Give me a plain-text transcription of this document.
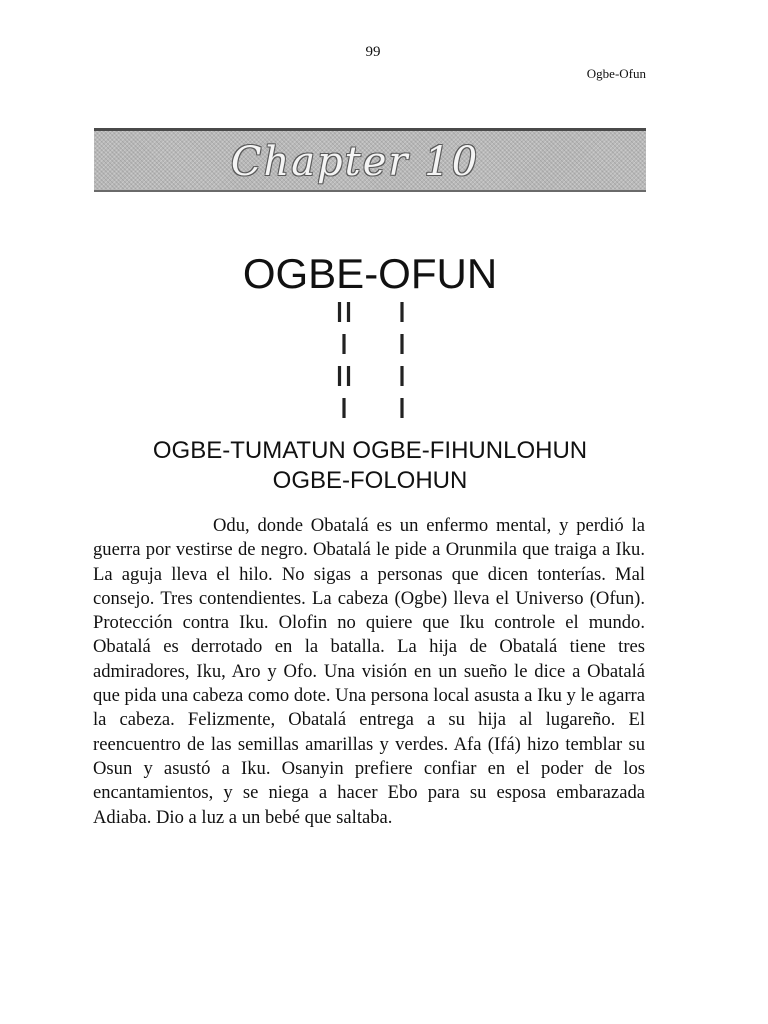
99
Ogbe-Ofun
Chapter 10
OGBE-OFUN
OGBE-TUMATUN OGBE-FIHUNLOHUN
OGBE-FOLOHUN

Odu, donde Obatalá es un enfermo mental, y perdió la guerra por vestirse de negro. Obatalá le pide a Orunmila que traiga a Iku. La aguja lleva el hilo. No sigas a personas que dicen tonterías. Mal consejo. Tres contendientes. La cabeza (Ogbe) lleva el Universo (Ofun). Protección contra Iku. Olofin no quiere que Iku controle el mundo. Obatalá es derrotado en la batalla. La hija de Obatalá tiene tres admiradores, Iku, Aro y Ofo. Una visión en un sueño le dice a Obatalá que pida una cabeza como dote. Una persona local asusta a Iku y le agarra la cabeza. Felizmente, Obatalá entrega a su hija al lugareño. El reencuentro de las semillas amarillas y verdes. Afa (Ifá) hizo temblar su Osun y asustó a Iku. Osanyin prefiere confiar en el poder de los encantamientos, y se niega a hacer Ebo para su esposa embarazada Adiaba. Dio a luz a un bebé que saltaba.
